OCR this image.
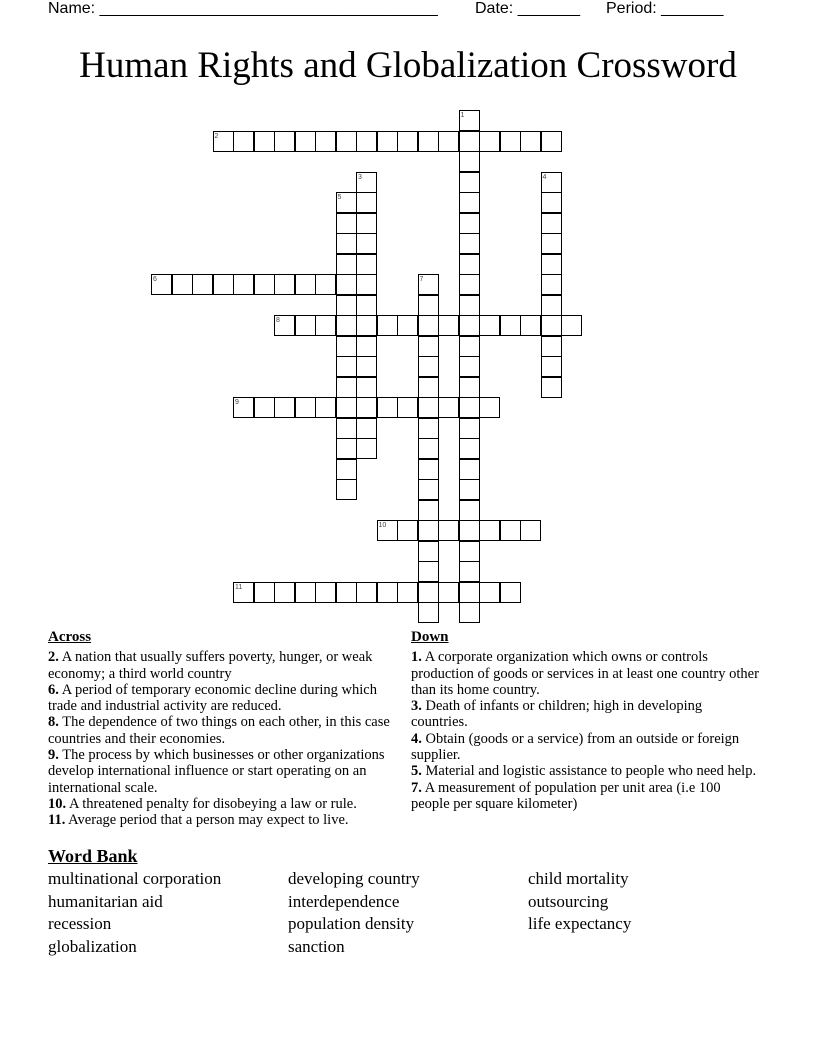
Name: ______________________________________ Date: _______ Period: _______
Human Rights and Globalization Crossword
1
2
3	4
5
6	7
8
9
10
11
Across

2. A nation that usually suffers poverty, hunger, or weak economy; a third world country

6. A period of temporary economic decline during which trade and industrial activity are reduced.

8. The dependence of two things on each other, in this case countries and their economies.

9. The process by which businesses or other organizations develop international influence or start operating on an international scale.

10. A threatened penalty for disobeying a law or rule.

11. Average period that a person may expect to live.

Down

1. A corporate organization which owns or controls production of goods or services in at least one country other than its home country.

3. Death of infants or children; high in developing countries.

4. Obtain (goods or a service) from an outside or foreign supplier.

5. Material and logistic assistance to people who need help.

7. A measurement of population per unit area (i.e 100 people per square kilometer)

Word Bank
multinational corporation	developing country	child mortality
humanitarian aid	interdependence	outsourcing
recession	population density	life expectancy
globalization	sanction
